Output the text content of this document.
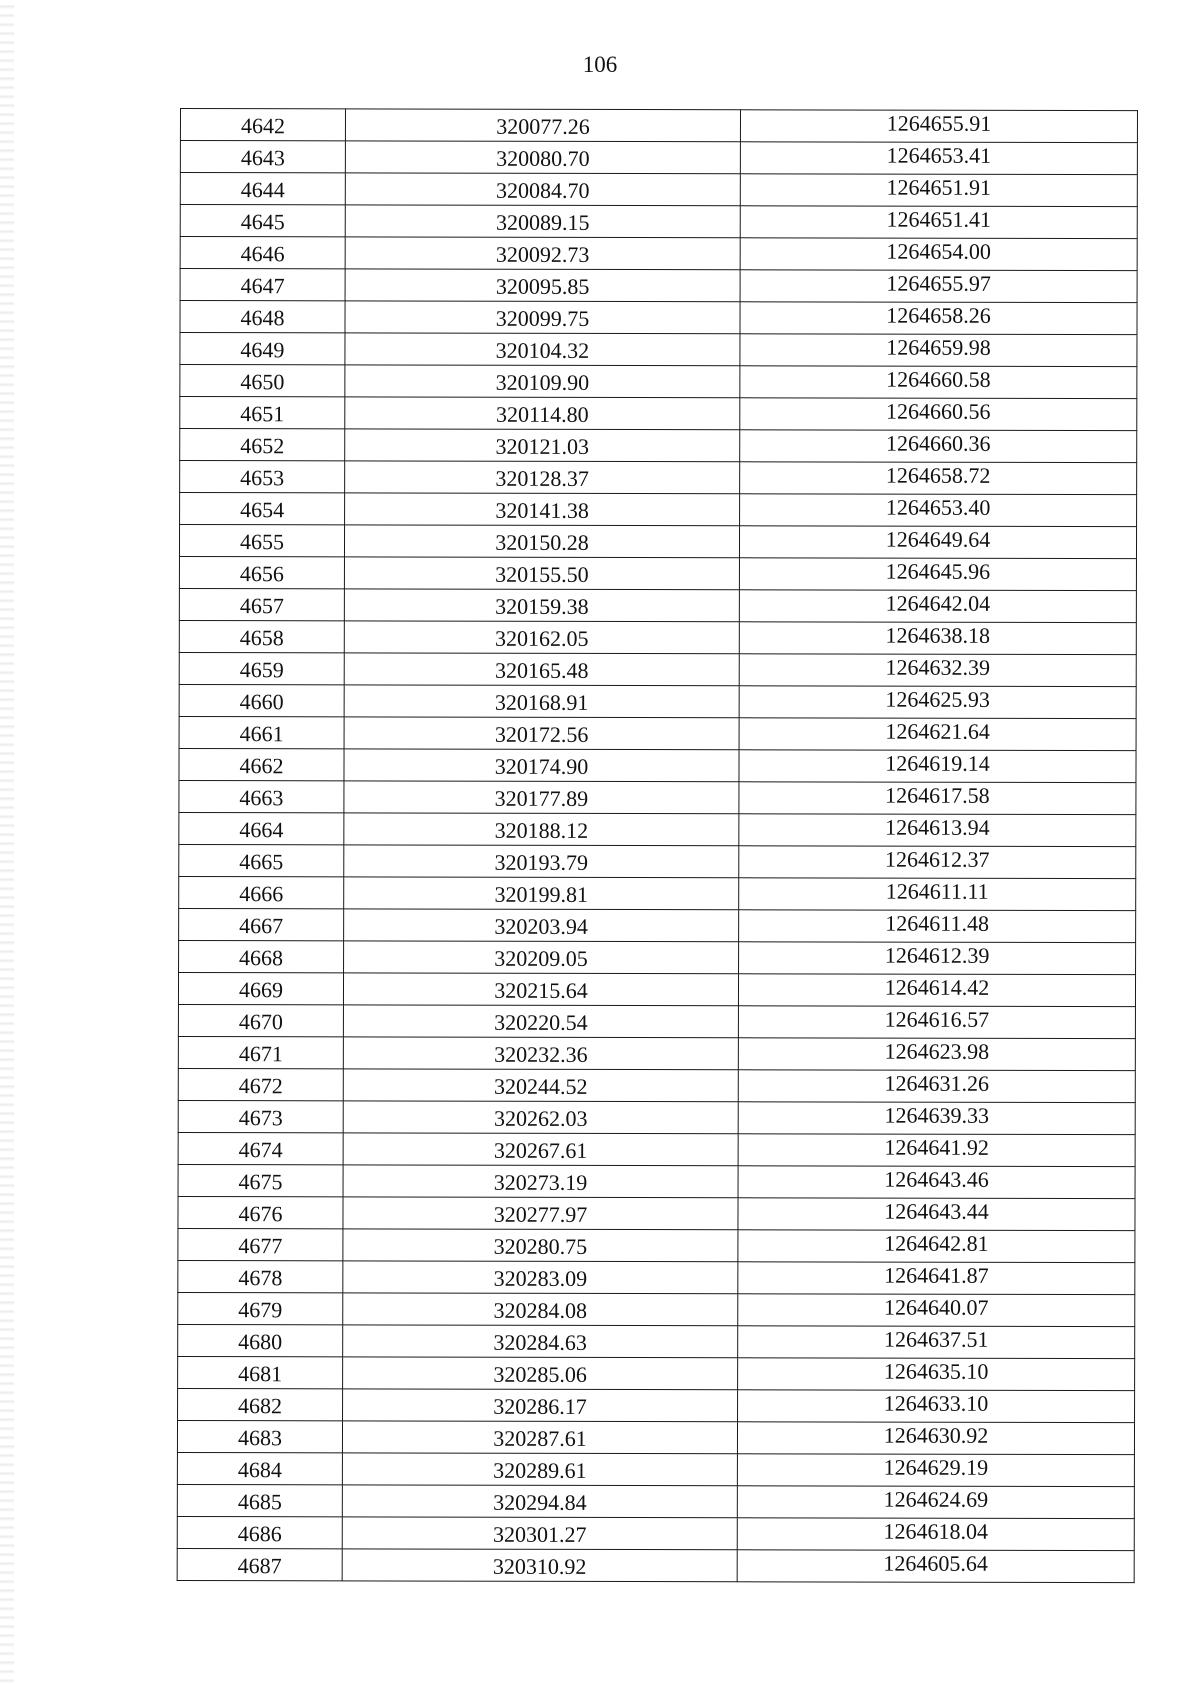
106
4642	320077.26	1264655.91
4643	320080.70	1264653.41
4644	320084.70	1264651.91
4645	320089.15	1264651.41
4646	320092.73	1264654.00
4647	320095.85	1264655.97
4648	320099.75	1264658.26
4649	320104.32	1264659.98
4650	320109.90	1264660.58
4651	320114.80	1264660.56
4652	320121.03	1264660.36
4653	320128.37	1264658.72
4654	320141.38	1264653.40
4655	320150.28	1264649.64
4656	320155.50	1264645.96
4657	320159.38	1264642.04
4658	320162.05	1264638.18
4659	320165.48	1264632.39
4660	320168.91	1264625.93
4661	320172.56	1264621.64
4662	320174.90	1264619.14
4663	320177.89	1264617.58
4664	320188.12	1264613.94
4665	320193.79	1264612.37
4666	320199.81	1264611.11
4667	320203.94	1264611.48
4668	320209.05	1264612.39
4669	320215.64	1264614.42
4670	320220.54	1264616.57
4671	320232.36	1264623.98
4672	320244.52	1264631.26
4673	320262.03	1264639.33
4674	320267.61	1264641.92
4675	320273.19	1264643.46
4676	320277.97	1264643.44
4677	320280.75	1264642.81
4678	320283.09	1264641.87
4679	320284.08	1264640.07
4680	320284.63	1264637.51
4681	320285.06	1264635.10
4682	320286.17	1264633.10
4683	320287.61	1264630.92
4684	320289.61	1264629.19
4685	320294.84	1264624.69
4686	320301.27	1264618.04
4687	320310.92	1264605.64
